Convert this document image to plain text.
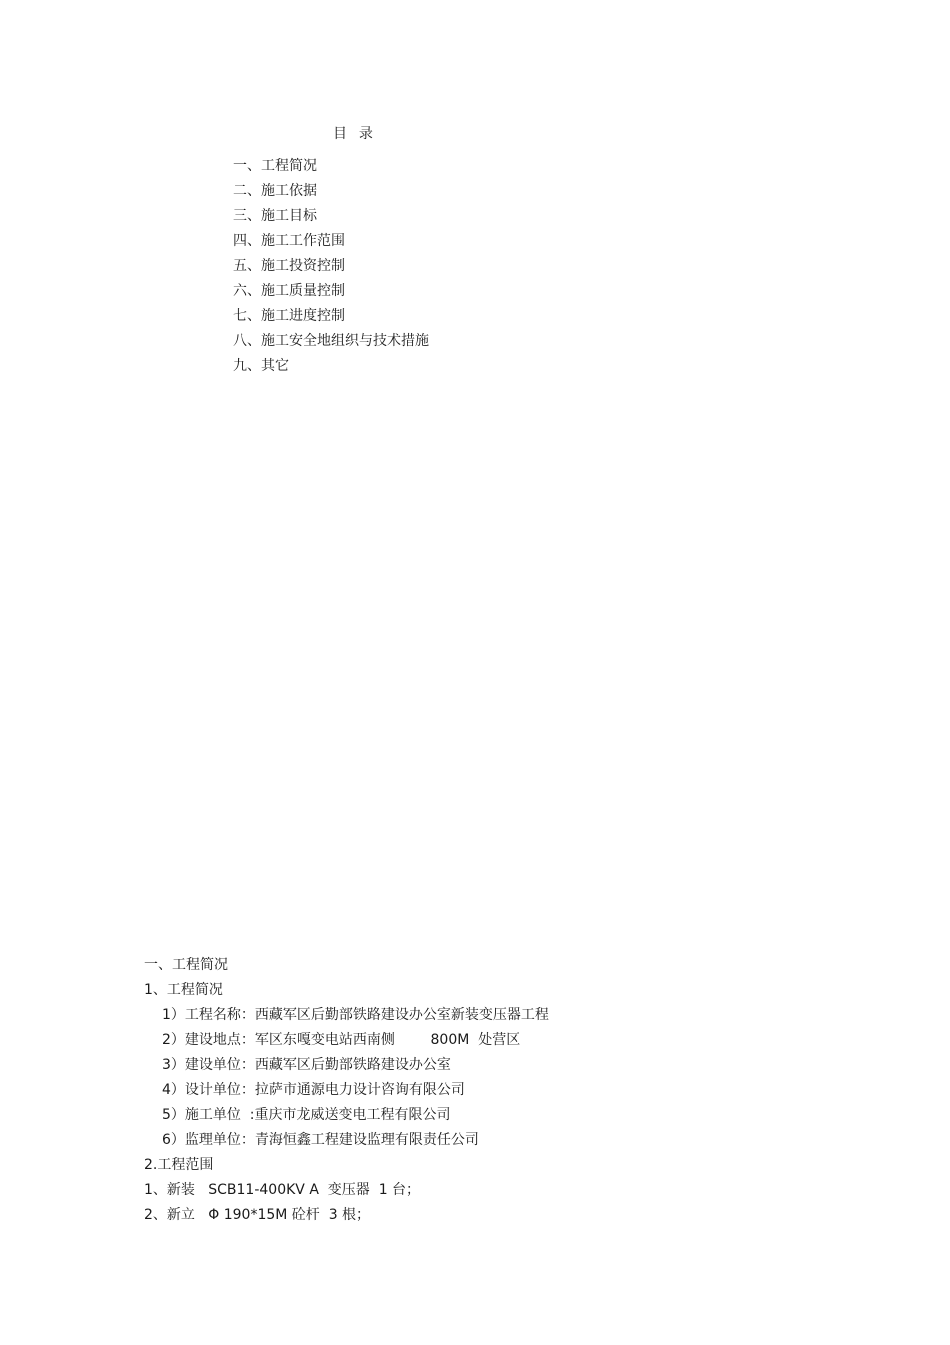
目  录
一、工程简况
二、施工依据
三、施工目标
四、施工工作范围
五、施工投资控制
六、施工质量控制
七、施工进度控制
八、施工安全地组织与技术措施
九、其它
一、工程简况
1、工程简况
1）工程名称：西藏军区后勤部铁路建设办公室新装变压器工程
2）建设地点：军区东嘎变电站西南侧        800M  处营区
3）建设单位：西藏军区后勤部铁路建设办公室
4）设计单位：拉萨市通源电力设计咨询有限公司
5）施工单位  :重庆市龙威送变电工程有限公司
6）监理单位：青海恒鑫工程建设监理有限责任公司
2.工程范围
1、新装   SCB11-400KV A  变压器  1 台；
2、新立   Φ 190*15M 砼杆  3 根；
